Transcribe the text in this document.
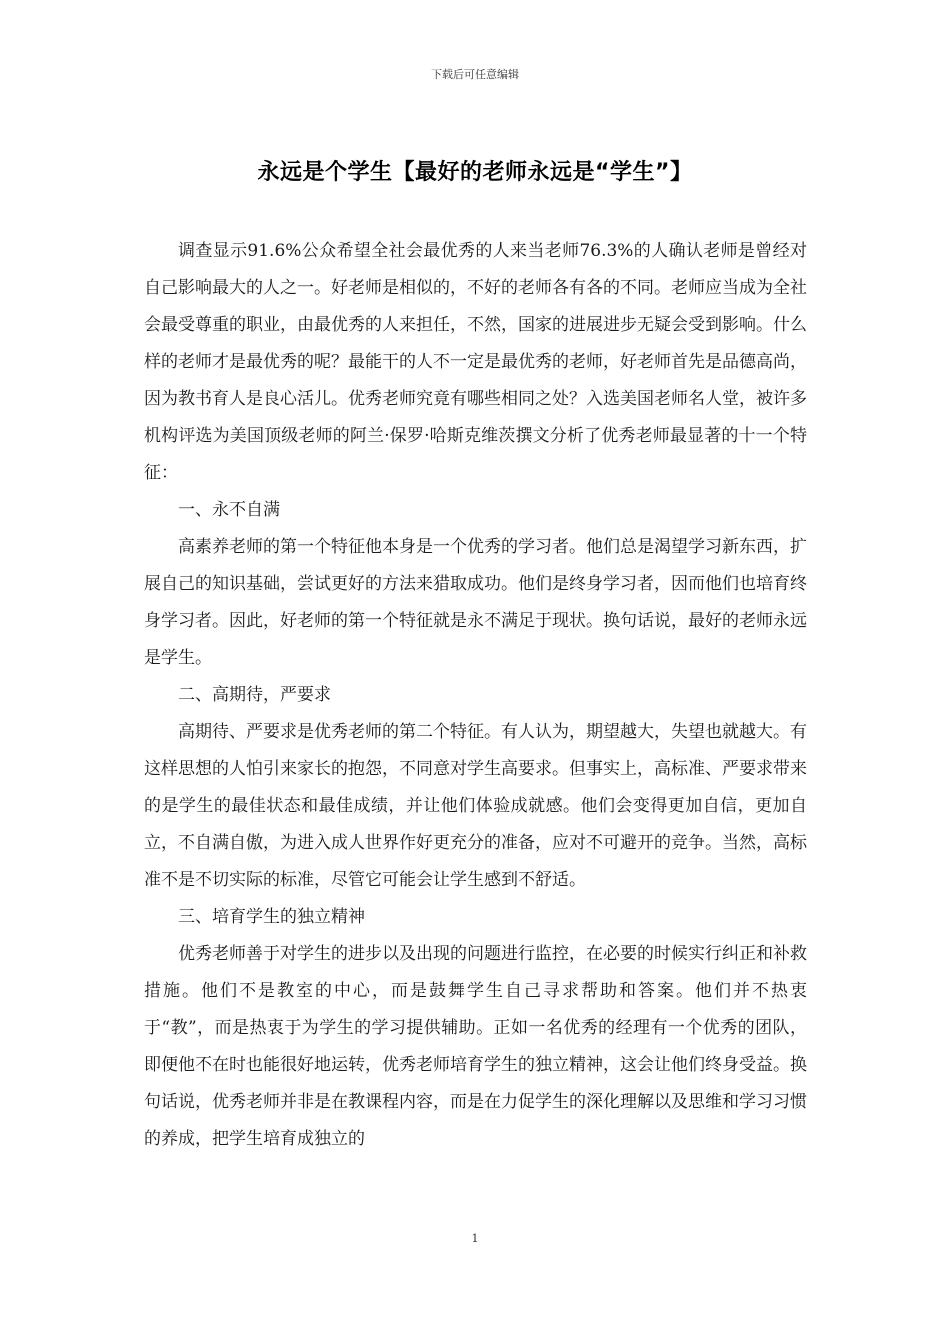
下载后可任意编辑
永远是个学生【最好的老师永远是“学生”】

调查显示91.6%公众希望全社会最优秀的人来当老师76.3%的人确认老师是曾经对自己影响最大的人之一。好老师是相似的，不好的老师各有各的不同。老师应当成为全社会最受尊重的职业，由最优秀的人来担任，不然，国家的进展进步无疑会受到影响。什么样的老师才是最优秀的呢？最能干的人不一定是最优秀的老师，好老师首先是品德高尚，因为教书育人是良心活儿。优秀老师究竟有哪些相同之处？入选美国老师名人堂，被许多机构评选为美国顶级老师的阿兰·保罗·哈斯克维茨撰文分析了优秀老师最显著的十一个特征：

一、永不自满

高素养老师的第一个特征他本身是一个优秀的学习者。他们总是渴望学习新东西，扩展自己的知识基础，尝试更好的方法来猎取成功。他们是终身学习者，因而他们也培育终身学习者。因此，好老师的第一个特征就是永不满足于现状。换句话说，最好的老师永远是学生。

二、高期待，严要求

高期待、严要求是优秀老师的第二个特征。有人认为，期望越大，失望也就越大。有这样思想的人怕引来家长的抱怨，不同意对学生高要求。但事实上，高标准、严要求带来的是学生的最佳状态和最佳成绩，并让他们体验成就感。他们会变得更加自信，更加自立，不自满自傲，为进入成人世界作好更充分的准备，应对不可避开的竞争。当然，高标准不是不切实际的标准，尽管它可能会让学生感到不舒适。

三、培育学生的独立精神

优秀老师善于对学生的进步以及出现的问题进行监控，在必要的时候实行纠正和补救措施。他们不是教室的中心，而是鼓舞学生自己寻求帮助和答案。他们并不热衷于“教”，而是热衷于为学生的学习提供辅助。正如一名优秀的经理有一个优秀的团队，即便他不在时也能很好地运转，优秀老师培育学生的独立精神，这会让他们终身受益。换句话说，优秀老师并非是在教课程内容，而是在力促学生的深化理解以及思维和学习习惯的养成，把学生培育成独立的

1
